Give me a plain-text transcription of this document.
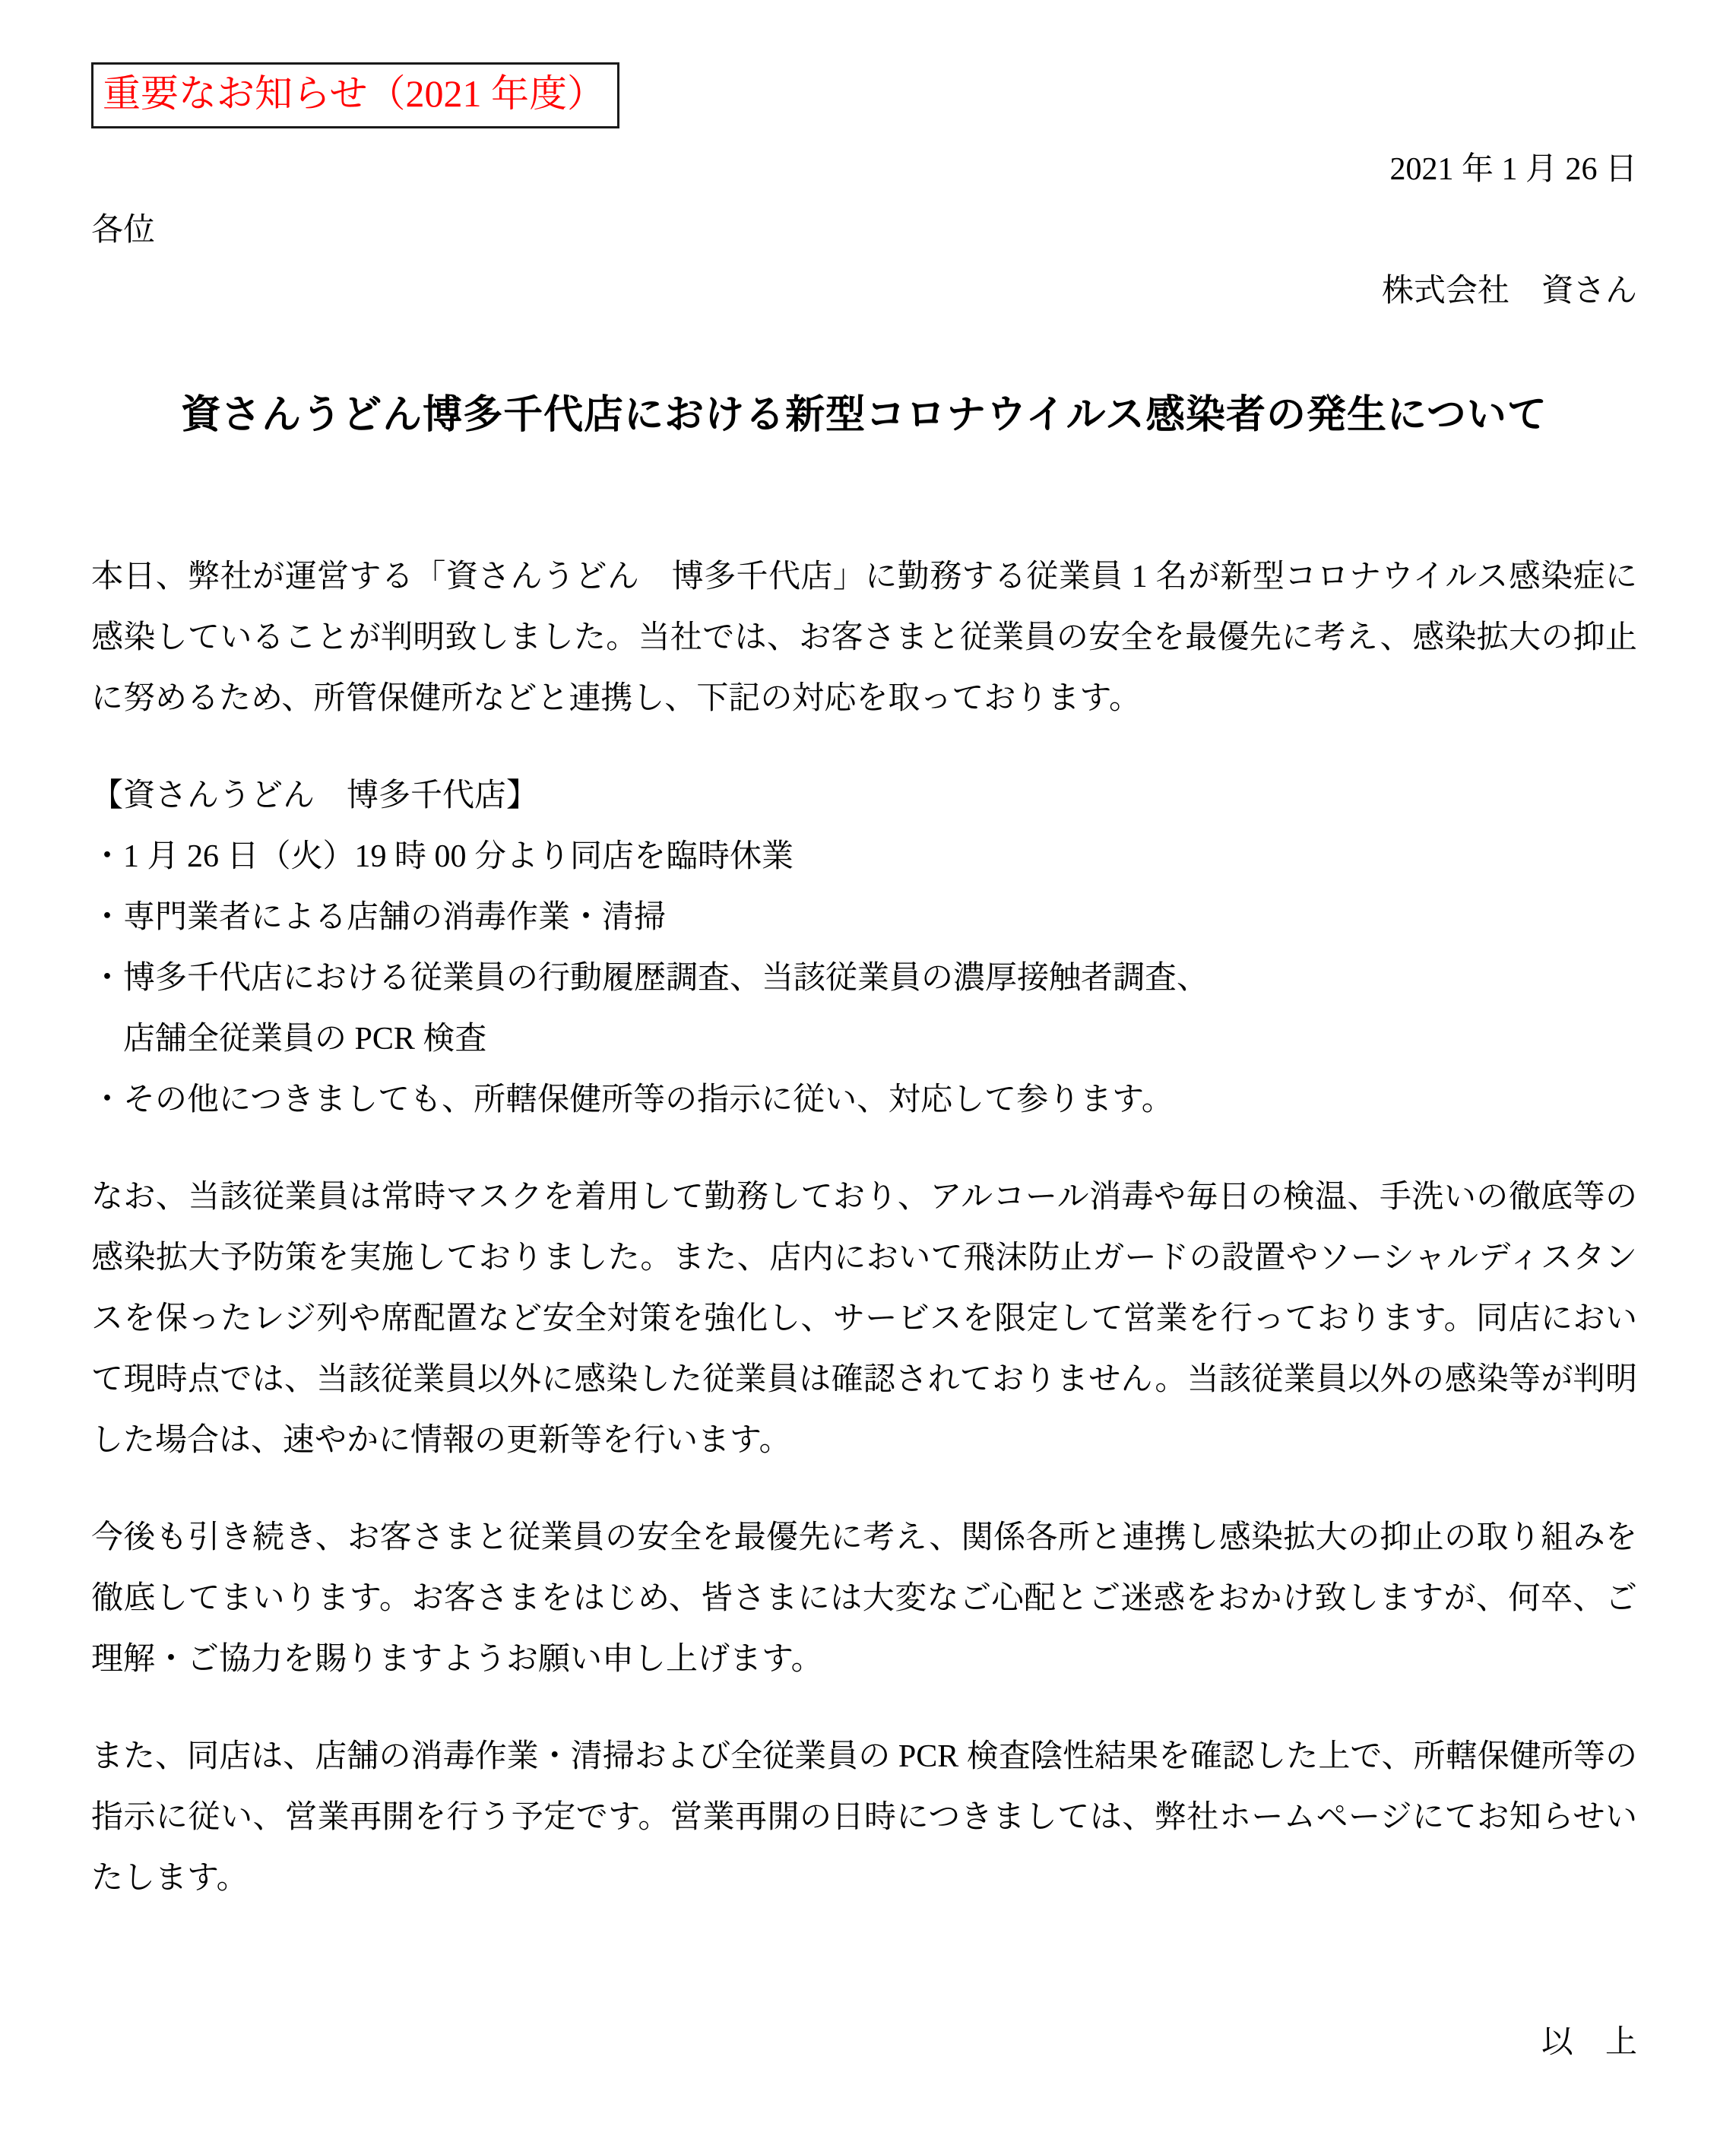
重要なお知らせ（2021 年度）
2021 年 1 月 26 日
各位
株式会社　資さん
資さんうどん博多千代店における新型コロナウイルス感染者の発生について

本日、弊社が運営する「資さんうどん　博多千代店」に勤務する従業員 1 名が新型コロナウイルス感染症に感染していることが判明致しました。当社では、お客さまと従業員の安全を最優先に考え、感染拡大の抑止に努めるため、所管保健所などと連携し、下記の対応を取っております。

【資さんうどん　博多千代店】
・1 月 26 日（火）19 時 00 分より同店を臨時休業
・専門業者による店舗の消毒作業・清掃
・博多千代店における従業員の行動履歴調査、当該従業員の濃厚接触者調査、
　店舗全従業員の PCR 検査
・その他につきましても、所轄保健所等の指示に従い、対応して参ります。

なお、当該従業員は常時マスクを着用して勤務しており、アルコール消毒や毎日の検温、手洗いの徹底等の感染拡大予防策を実施しておりました。また、店内において飛沫防止ガードの設置やソーシャルディスタンスを保ったレジ列や席配置など安全対策を強化し、サービスを限定して営業を行っております。同店において現時点では、当該従業員以外に感染した従業員は確認されておりません。当該従業員以外の感染等が判明した場合は、速やかに情報の更新等を行います。

今後も引き続き、お客さまと従業員の安全を最優先に考え、関係各所と連携し感染拡大の抑止の取り組みを徹底してまいります。お客さまをはじめ、皆さまには大変なご心配とご迷惑をおかけ致しますが、何卒、ご理解・ご協力を賜りますようお願い申し上げます。

また、同店は、店舗の消毒作業・清掃および全従業員の PCR 検査陰性結果を確認した上で、所轄保健所等の指示に従い、営業再開を行う予定です。営業再開の日時につきましては、弊社ホームページにてお知らせいたします。

以　上
